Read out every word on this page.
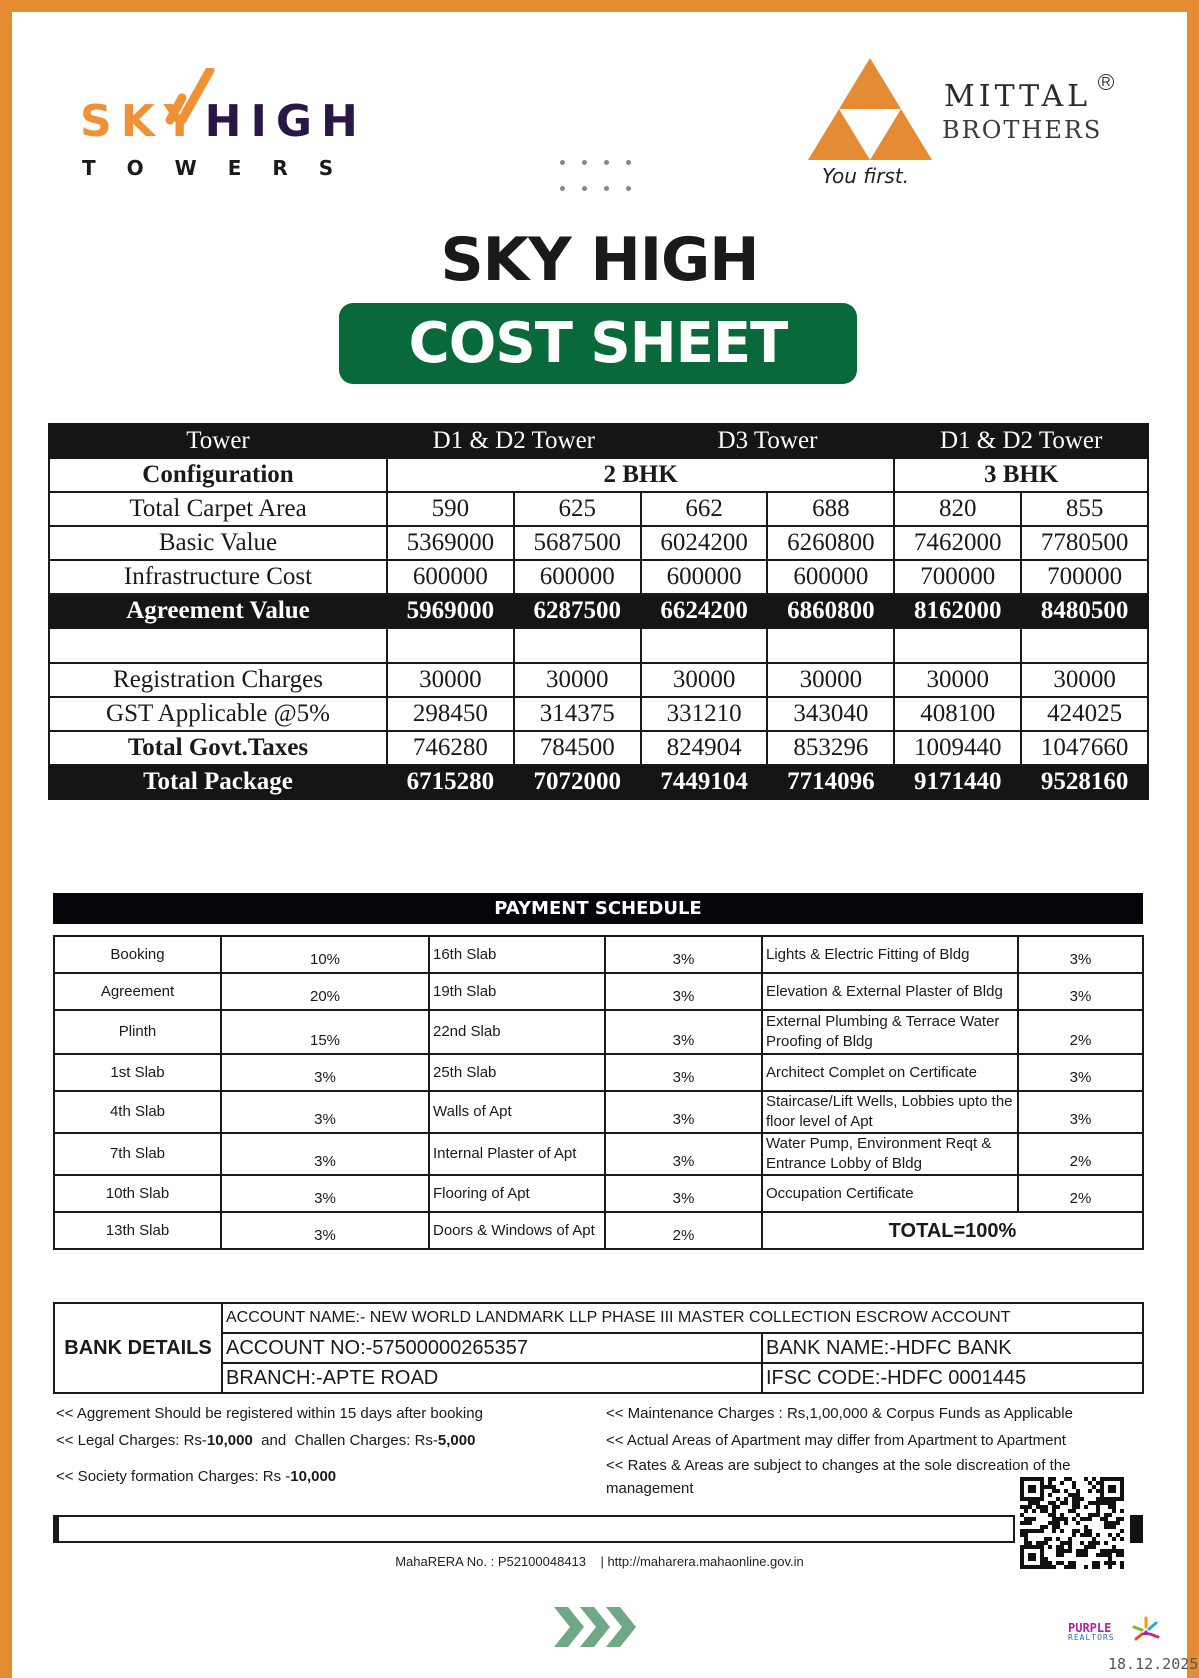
SKYHIGH
TOWERS
MITTAL R
BROTHERS
You first.
SKY HIGH
COST SHEET
Tower	D1 & D2 Tower		D3 Tower		D1 & D2 Tower	
Configuration	2 BHK				3 BHK	
Total Carpet Area	590	625	662	688	820	855
Basic Value	5369000	5687500	6024200	6260800	7462000	7780500
Infrastructure Cost	600000	600000	600000	600000	700000	700000
Agreement Value	5969000	6287500	6624200	6860800	8162000	8480500

Registration Charges	30000	30000	30000	30000	30000	30000
GST Applicable @5%	298450	314375	331210	343040	408100	424025
Total Govt.Taxes	746280	784500	824904	853296	1009440	1047660
Total Package	6715280	7072000	7449104	7714096	9171440	9528160
PAYMENT SCHEDULE
Booking	10%	16th Slab	3%	Lights & Electric Fitting of Bldg	3%
Agreement	20%	19th Slab	3%	Elevation & External Plaster of Bldg	3%
Plinth	15%	22nd Slab	3%	External Plumbing & Terrace Water Proofing of Bldg	2%
1st Slab	3%	25th Slab	3%	Architect Complet on Certificate	3%
4th Slab	3%	Walls of Apt	3%	Staircase/Lift Wells, Lobbies upto the floor level of Apt	3%
7th Slab	3%	Internal Plaster of Apt	3%	Water Pump, Environment Reqt & Entrance Lobby of Bldg	2%
10th Slab	3%	Flooring of Apt	3%	Occupation Certificate	2%
13th Slab	3%	Doors & Windows of Apt	2%	TOTAL=100%	
BANK DETAILS	ACCOUNT NAME:- NEW WORLD LANDMARK LLP PHASE III MASTER COLLECTION ESCROW ACCOUNT	
	ACCOUNT NO:-57500000265357	BANK NAME:-HDFC BANK
	BRANCH:-APTE ROAD	IFSC CODE:-HDFC 0001445
<< Aggrement Should be registered within 15 days after booking
<< Legal Charges: Rs-10,000  and  Challen Charges: Rs-5,000
<< Society formation Charges: Rs -10,000
<< Maintenance Charges : Rs,1,00,000 & Corpus Funds as Applicable
<< Actual Areas of Apartment may differ from Apartment to Apartment
<< Rates & Areas are subject to changes at the sole discreation of the management
MahaRERA No. : P52100048413    | http://maharera.mahaonline.gov.in
PURPLE
REALTORS
18.12.2025
